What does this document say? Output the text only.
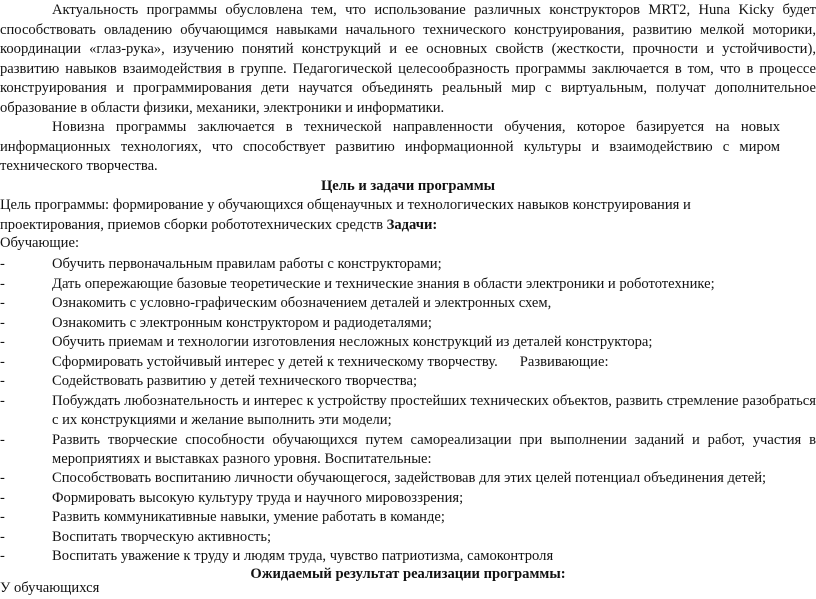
Актуальность программы обусловлена тем, что использование различных конструкторов MRT2, Huna Kicky будет способствовать овладению обучающимся навыками начального технического конструирования, развитию мелкой моторики, координации «глаз-рука», изучению понятий конструкций и ее основных свойств (жесткости, прочности и устойчивости), развитию навыков взаимодействия в группе. Педагогической целесообразность программы заключается в том, что в процессе конструирования и программирования дети научатся объединять реальный мир с виртуальным, получат дополнительное образование в области физики, механики, электроники и информатики.
Новизна программы заключается в технической направленности обучения, которое базируется на новых информационных технологиях, что способствует развитию информационной культуры и взаимодействию с миром технического творчества.
Цель и задачи программы
Цель программы: формирование у обучающихся общенаучных и технологических навыков конструирования и проектирования, приемов сборки робототехнических средств Задачи:
Обучающие:
-	Обучить первоначальным правилам работы с конструкторами;
-	Дать опережающие базовые теоретические и технические знания в области электроники и робототехнике;
-	Ознакомить с условно-графическим обозначением деталей и электронных схем,
-	Ознакомить с электронным конструктором и радиодеталями;
-	Обучить приемам и технологии изготовления несложных конструкций из деталей конструктора;
-	Сформировать устойчивый интерес у детей к техническому творчеству. Развивающие:
-	Содействовать развитию у детей технического творчества;
-	Побуждать любознательность и интерес к устройству простейших технических объектов, развить стремление разобраться с их конструкциями и желание выполнить эти модели;
-	Развить творческие способности обучающихся путем самореализации при выполнении заданий и работ, участия в мероприятиях и выставках разного уровня. Воспитательные:
-	Способствовать воспитанию личности обучающегося, задействовав для этих целей потенциал объединения детей;
-	Формировать высокую культуру труда и научного мировоззрения;
-	Развить коммуникативные навыки, умение работать в команде;
-	Воспитать творческую активность;
-	Воспитать уважение к труду и людям труда, чувство патриотизма, самоконтроля
Ожидаемый результат реализации программы:
У обучающихся
